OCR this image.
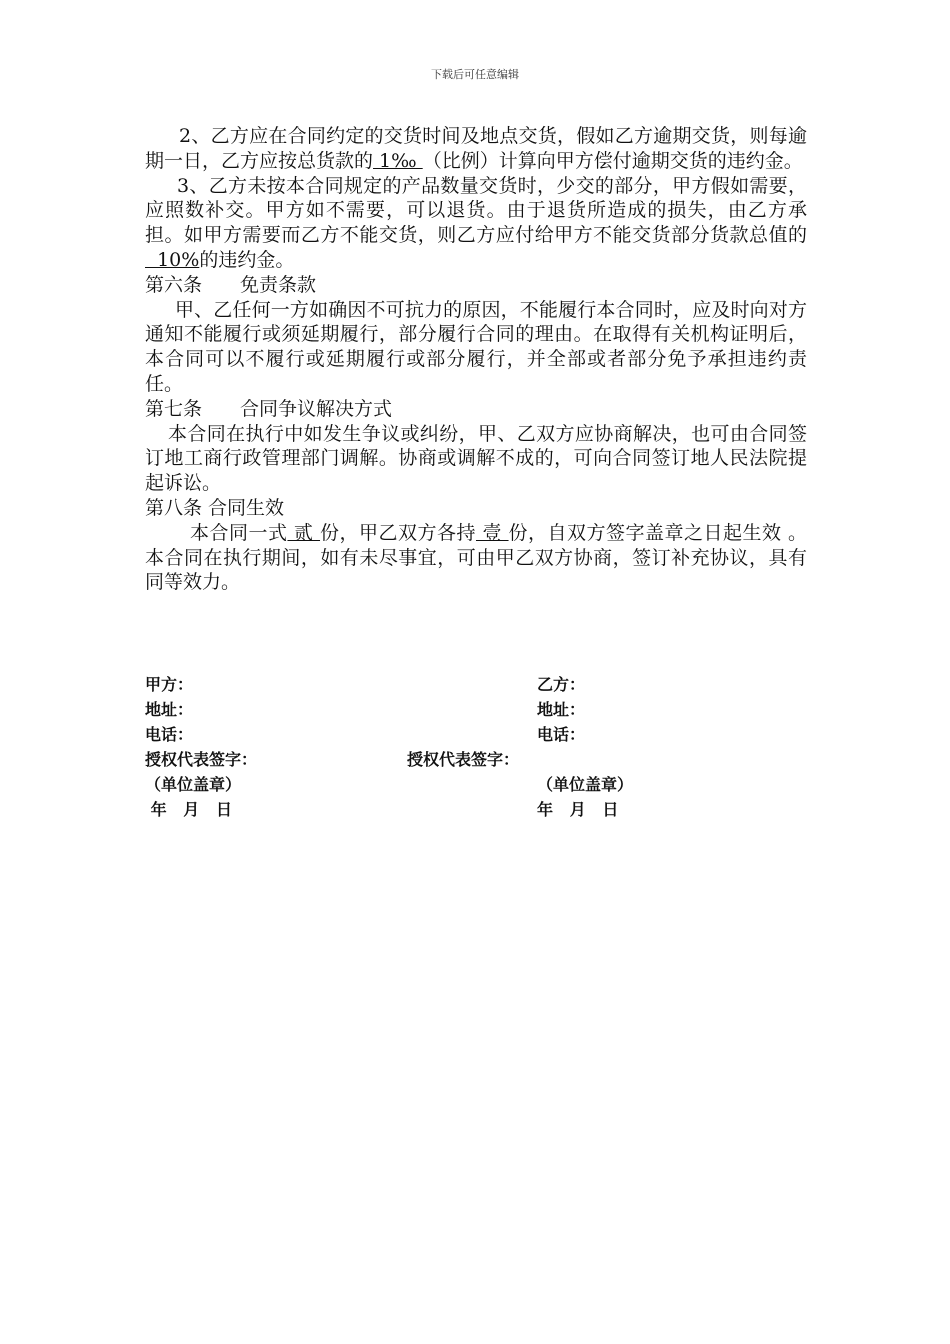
下载后可任意编辑

2、乙方应在合同约定的交货时间及地点交货，假如乙方逾期交货，则每逾期一日，乙方应按总货款的 1‰ （比例）计算向甲方偿付逾期交货的违约金。

3、乙方未按本合同规定的产品数量交货时，少交的部分，甲方假如需要，应照数补交。甲方如不需要，可以退货。由于退货所造成的损失，由乙方承担。如甲方需要而乙方不能交货，则乙方应付给甲方不能交货部分货款总值的  10%的违约金。

第六条　　免责条款

甲、乙任何一方如确因不可抗力的原因，不能履行本合同时，应及时向对方通知不能履行或须延期履行，部分履行合同的理由。在取得有关机构证明后，本合同可以不履行或延期履行或部分履行，并全部或者部分免予承担违约责任。

第七条　　合同争议解决方式

本合同在执行中如发生争议或纠纷，甲、乙双方应协商解决，也可由合同签订地工商行政管理部门调解。协商或调解不成的，可向合同签订地人民法院提起诉讼。

第八条 合同生效

本合同一式 贰 份，甲乙双方各持 壹 份，自双方签字盖章之日起生效 。本合同在执行期间，如有未尽事宜，可由甲乙双方协商，签订补充协议，具有同等效力。

甲方：	乙方：
地址：	地址：
电话：	电话：
授权代表签字：	授权代表签字：
（单位盖章）	（单位盖章）
年   月   日	年   月   日
